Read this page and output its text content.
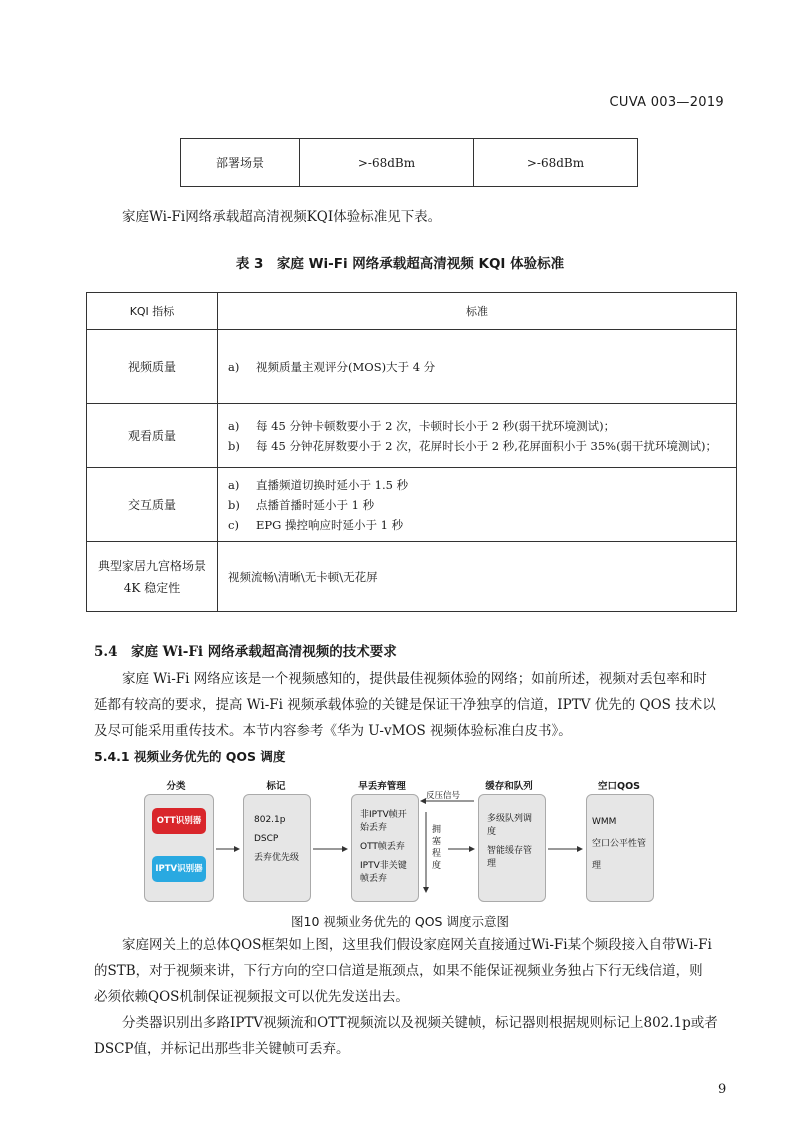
CUVA 003—2019
部署场景	>-68dBm	>-68dBm
家庭Wi-Fi网络承载超高清视频KQI体验标准见下表。
表 3　家庭 Wi-Fi 网络承载超高清视频 KQI 体验标准
KQI 指标	标准
视频质量	a) 视频质量主观评分(MOS)大于 4 分

观看质量	a) 每 45 分钟卡顿数要小于 2 次，卡顿时长小于 2 秒(弱干扰环境测试)；
b) 每 45 分钟花屏数要小于 2 次，花屏时长小于 2 秒,花屏面积小于 35%(弱干扰环境测试)；

交互质量	a) 直播频道切换时延小于 1.5 秒
b) 点播首播时延小于 1 秒
c) EPG 操控响应时延小于 1 秒

典型家居九宫格场景
4K 稳定性	视频流畅\清晰\无卡顿\无花屏
5.4　家庭 Wi-Fi 网络承载超高清视频的技术要求
家庭 Wi-Fi 网络应该是一个视频感知的，提供最佳视频体验的网络；如前所述，视频对丢包率和时
延都有较高的要求，提高 Wi-Fi 视频承载体验的关键是保证干净独享的信道，IPTV 优先的 QOS 技术以
及尽可能采用重传技术。本节内容参考《华为 U-vMOS 视频体验标准白皮书》。
5.4.1 视频业务优先的 QOS 调度
分类	标记	早丢弃管理	缓存和队列	空口QOS
OTT识别器
IPTV识别器
802.1p
DSCP
丢弃优先级
非IPTV帧开
始丢弃
OTT帧丢弃
IPTV非关键
帧丢弃
反压信号
拥
塞
程
度
多级队列调
度
智能缓存管
理
WMM
空口公平性管理
图10 视频业务优先的 QOS 调度示意图
家庭网关上的总体QOS框架如上图，这里我们假设家庭网关直接通过Wi-Fi某个频段接入自带Wi-Fi
的STB，对于视频来讲，下行方向的空口信道是瓶颈点，如果不能保证视频业务独占下行无线信道，则
必须依赖QOS机制保证视频报文可以优先发送出去。
分类器识别出多路IPTV视频流和OTT视频流以及视频关键帧，标记器则根据规则标记上802.1p或者
DSCP值，并标记出那些非关键帧可丢弃。
9
